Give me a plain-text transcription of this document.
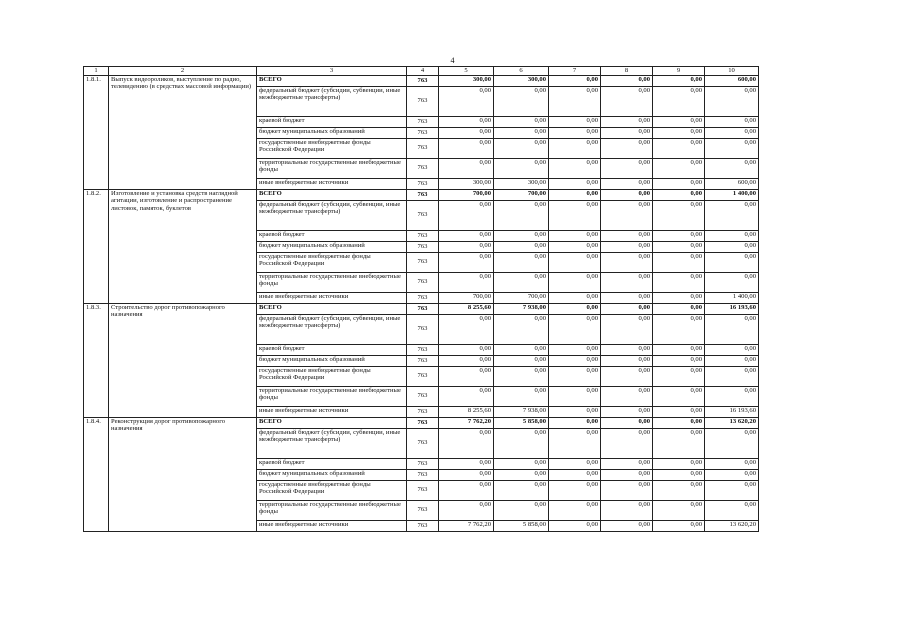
4
1	2	3	4	5	6	7	8	9	10
1.8.1.	Выпуск видеороликов, выступление по радио, телевидению (в средствах массовой информации)	ВСЕГО	763	300,00	300,00	0,00	0,00	0,00	600,00
		федеральный бюджет (субсидии, субвенции, иные межбюджетные трансферты)	763	0,00	0,00	0,00	0,00	0,00	0,00
		краевой бюджет	763	0,00	0,00	0,00	0,00	0,00	0,00
		бюджет муниципальных образований	763	0,00	0,00	0,00	0,00	0,00	0,00
		государственные внебюджетные фонды Российской Федерации	763	0,00	0,00	0,00	0,00	0,00	0,00
		территориальные государственные внебюджетные фонды	763	0,00	0,00	0,00	0,00	0,00	0,00
		иные внебюджетные источники	763	300,00	300,00	0,00	0,00	0,00	600,00
1.8.2.	Изготовление и установка средств наглядной агитации, изготовление и распространение листовок, памяток, буклетов	ВСЕГО	763	700,00	700,00	0,00	0,00	0,00	1 400,00
		федеральный бюджет (субсидии, субвенции, иные межбюджетные трансферты)	763	0,00	0,00	0,00	0,00	0,00	0,00
		краевой бюджет	763	0,00	0,00	0,00	0,00	0,00	0,00
		бюджет муниципальных образований	763	0,00	0,00	0,00	0,00	0,00	0,00
		государственные внебюджетные фонды Российской Федерации	763	0,00	0,00	0,00	0,00	0,00	0,00
		территориальные государственные внебюджетные фонды	763	0,00	0,00	0,00	0,00	0,00	0,00
		иные внебюджетные источники	763	700,00	700,00	0,00	0,00	0,00	1 400,00
1.8.3.	Строительство дорог противопожарного назначения	ВСЕГО	763	8 255,60	7 938,00	0,00	0,00	0,00	16 193,60
		федеральный бюджет (субсидии, субвенции, иные межбюджетные трансферты)	763	0,00	0,00	0,00	0,00	0,00	0,00
		краевой бюджет	763	0,00	0,00	0,00	0,00	0,00	0,00
		бюджет муниципальных образований	763	0,00	0,00	0,00	0,00	0,00	0,00
		государственные внебюджетные фонды Российской Федерации	763	0,00	0,00	0,00	0,00	0,00	0,00
		территориальные государственные внебюджетные фонды	763	0,00	0,00	0,00	0,00	0,00	0,00
		иные внебюджетные источники	763	8 255,60	7 938,00	0,00	0,00	0,00	16 193,60
1.8.4.	Реконструкция дорог противопожарного назначения	ВСЕГО	763	7 762,20	5 858,00	0,00	0,00	0,00	13 620,20
		федеральный бюджет (субсидии, субвенции, иные межбюджетные трансферты)	763	0,00	0,00	0,00	0,00	0,00	0,00
		краевой бюджет	763	0,00	0,00	0,00	0,00	0,00	0,00
		бюджет муниципальных образований	763	0,00	0,00	0,00	0,00	0,00	0,00
		государственные внебюджетные фонды Российской Федерации	763	0,00	0,00	0,00	0,00	0,00	0,00
		территориальные государственные внебюджетные фонды	763	0,00	0,00	0,00	0,00	0,00	0,00
		иные внебюджетные источники	763	7 762,20	5 858,00	0,00	0,00	0,00	13 620,20
